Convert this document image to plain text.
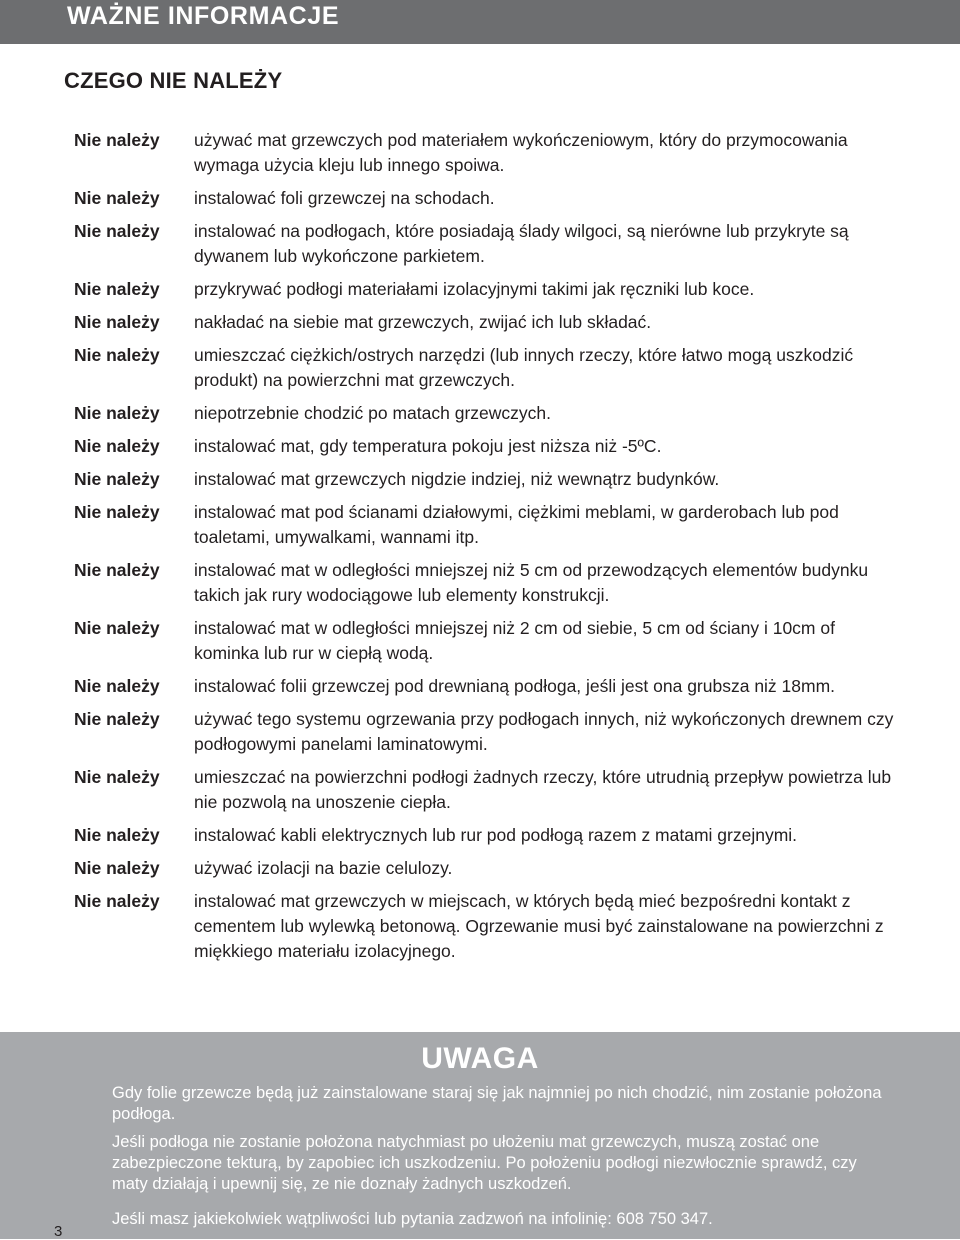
WAŻNE INFORMACJE
CZEGO NIE NALEŻY
Nie należy	używać mat grzewczych pod materiałem wykończeniowym, który do przymocowania wymaga użycia kleju lub innego spoiwa.
Nie należy	instalować foli grzewczej na schodach.
Nie należy	instalować na podłogach, które posiadają ślady wilgoci, są nierówne lub przykryte są dywanem lub wykończone parkietem.
Nie należy	przykrywać podłogi materiałami izolacyjnymi takimi jak ręczniki lub koce.
Nie należy	nakładać na siebie mat grzewczych, zwijać ich lub składać.
Nie należy	umieszczać ciężkich/ostrych narzędzi (lub innych rzeczy, które łatwo mogą uszkodzić produkt) na powierzchni mat grzewczych.
Nie należy	niepotrzebnie chodzić po matach grzewczych.
Nie należy	instalować mat, gdy temperatura pokoju jest niższa niż -5ºC.
Nie należy	instalować mat grzewczych nigdzie indziej, niż wewnątrz budynków.
Nie należy	instalować mat pod ścianami działowymi, ciężkimi meblami, w garderobach lub pod toaletami, umywalkami, wannami itp.
Nie należy	instalować mat w odległości mniejszej niż 5 cm od przewodzących elementów budynku takich jak rury wodociągowe lub elementy konstrukcji.
Nie należy	instalować mat w odległości mniejszej niż 2 cm od siebie, 5 cm od ściany i 10cm of kominka lub rur w ciepłą wodą.
Nie należy	instalować folii grzewczej pod drewnianą podłoga, jeśli jest ona grubsza niż 18mm.
Nie należy	używać tego systemu ogrzewania przy podłogach innych, niż wykończonych drewnem czy podłogowymi panelami laminatowymi.
Nie należy	umieszczać na powierzchni podłogi żadnych rzeczy, które utrudnią przepływ powietrza lub nie pozwolą na unoszenie ciepła.
Nie należy	instalować kabli elektrycznych lub rur pod podłogą razem z matami grzejnymi.
Nie należy	używać izolacji na bazie celulozy.
Nie należy	instalować mat grzewczych w miejscach, w których będą mieć bezpośredni kontakt z cementem lub wylewką betonową. Ogrzewanie musi być zainstalowane na powierzchni z miękkiego materiału izolacyjnego.
UWAGA

Gdy folie grzewcze będą już zainstalowane staraj się jak najmniej po nich chodzić, nim zostanie położona podłoga.

Jeśli podłoga nie zostanie położona natychmiast po ułożeniu mat grzewczych, muszą zostać one zabezpieczone tekturą, by zapobiec ich uszkodzeniu. Po położeniu podłogi niezwłocznie sprawdź, czy maty działają i upewnij się, ze nie doznały żadnych uszkodzeń.

Jeśli masz jakiekolwiek wątpliwości lub pytania zadzwoń na infolinię: 608 750 347.

3
